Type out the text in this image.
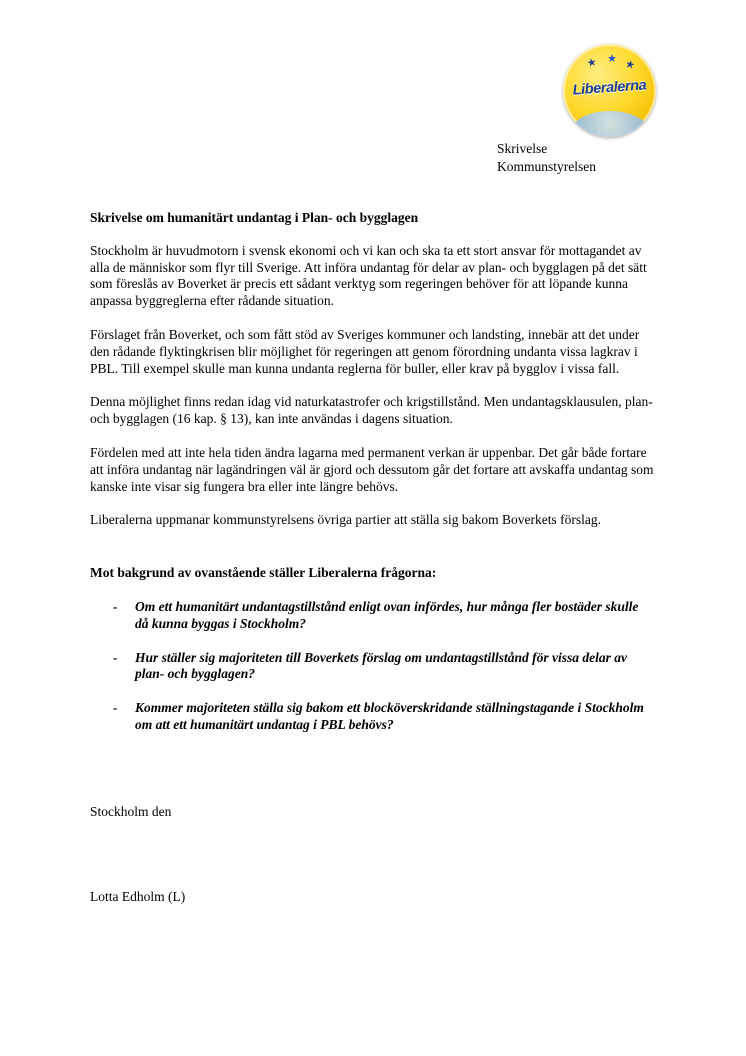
★ ★ ★
Liberalerna
Skrivelse
Kommunstyrelsen
Skrivelse om humanitärt undantag i Plan- och bygglagen

Stockholm är huvudmotorn i svensk ekonomi och vi kan och ska ta ett stort ansvar för mottagandet av alla de människor som flyr till Sverige. Att införa undantag för delar av plan- och bygglagen på det sätt som föreslås av Boverket är precis ett sådant verktyg som regeringen behöver för att löpande kunna anpassa byggreglerna efter rådande situation.

Förslaget från Boverket, och som fått stöd av Sveriges kommuner och landsting, innebär att det under den rådande flyktingkrisen blir möjlighet för regeringen att genom förordning undanta vissa lagkrav i PBL. Till exempel skulle man kunna undanta reglerna för buller, eller krav på bygglov i vissa fall.

Denna möjlighet finns redan idag vid naturkatastrofer och krigstillstånd. Men undantagsklausulen, plan- och bygglagen (16 kap. § 13), kan inte användas i dagens situation.

Fördelen med att inte hela tiden ändra lagarna med permanent verkan är uppenbar. Det går både fortare att införa undantag när lagändringen väl är gjord och dessutom går det fortare att avskaffa undantag som kanske inte visar sig fungera bra eller inte längre behövs.

Liberalerna uppmanar kommunstyrelsens övriga partier att ställa sig bakom Boverkets förslag.

Mot bakgrund av ovanstående ställer Liberalerna frågorna:
-	Om ett humanitärt undantagstillstånd enligt ovan infördes, hur många fler bostäder skulle då kunna byggas i Stockholm?
-	Hur ställer sig majoriteten till Boverkets förslag om undantagstillstånd för vissa delar av plan- och bygglagen?
-	Kommer majoriteten ställa sig bakom ett blocköverskridande ställningstagande i Stockholm om att ett humanitärt undantag i PBL behövs?
Stockholm den
Lotta Edholm (L)
